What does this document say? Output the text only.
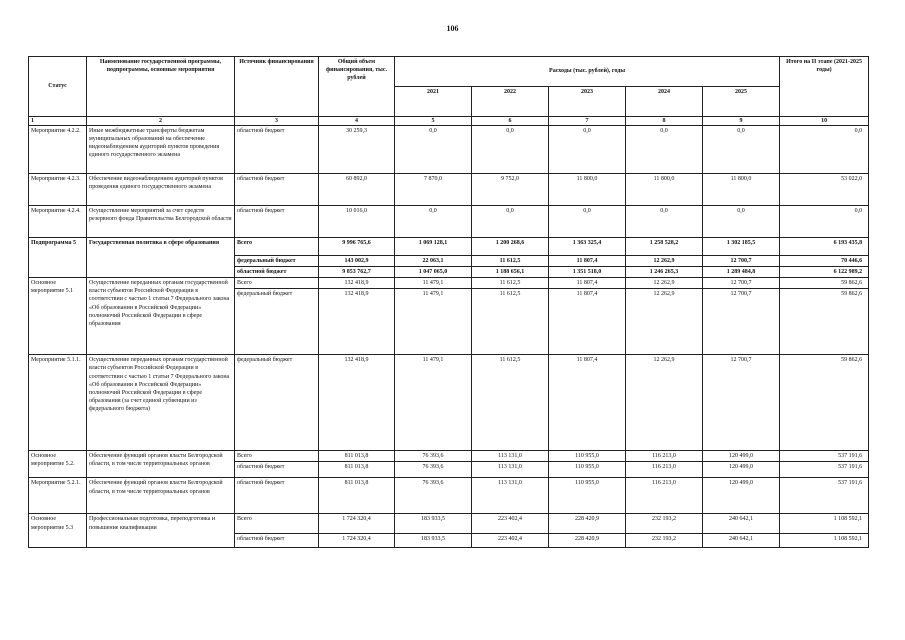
106
Статус	Наименование государственной программы, подпрограммы, основные мероприятия	Источник финансирования	Общий объем финансирования, тыс. рублей	Расходы (тыс. рублей), годы					Итого на II этапе (2021-2025 годы)
				2021	2022	2023	2024	2025	
1	2	3	4	5	6	7	8	9	10
Мероприятие 4.2.2.	Иные межбюджетные трансферты бюджетам муниципальных образований на обеспечение видеонаблюдением аудиторий пунктов проведения единого государственного экзамена	областной бюджет	30 259,3	0,0	0,0	0,0	0,0	0,0	0,0
Мероприятие 4.2.3.	Обеспечение видеонаблюдением аудиторий пунктов проведения единого государственного экзамена	областной бюджет	60 892,0	7 870,0	9 752,0	11 800,0	11 800,0	11 800,0	53 022,0
Мероприятие 4.2.4.	Осуществление мероприятий за счет средств резервного фонда Правительства Белгородской области	областной бюджет	10 016,0	0,0	0,0	0,0	0,0	0,0	0,0
Подпрограмма 5	Государственная политика в сфере образования	Всего	9 996 765,6	1 069 128,1	1 200 268,6	1 363 325,4	1 258 528,2	1 302 185,5	6 193 435,8
		федеральный бюджет	143 002,9	22 063,1	11 612,5	11 807,4	12 262,9	12 700,7	70 446,6
		областной бюджет	9 853 762,7	1 047 065,0	1 188 656,1	1 351 518,0	1 246 265,3	1 289 484,8	6 122 989,2
Основное мероприятие 5.1	Осуществление переданных органам государственной власти субъектов Российской Федерации в соответствии с частью 1 статьи 7 Федерального закона «Об образовании в Российской Федерации» полномочий Российской Федерации в сфере образования	Всего	132 418,9	11 479,1	11 612,5	11 807,4	12 262,9	12 700,7	59 862,6
		федеральный бюджет	132 418,9	11 479,1	11 612,5	11 807,4	12 262,9	12 700,7	59 862,6
Мероприятие 5.1.1.	Осуществление переданных органам государственной власти субъектов Российской Федерации в соответствии с частью 1 статьи 7 Федерального закона «Об образовании в Российской Федерации» полномочий Российской Федерации в сфере образования (за счет единой субвенции из федерального бюджета)	федеральный бюджет	132 418,9	11 479,1	11 612,5	11 807,4	12 262,9	12 700,7	59 862,6
Основное мероприятие 5.2.	Обеспечение функций органов власти Белгородской области, в том числе территориальных органов	Всего	811 013,8	76 393,6	113 131,0	110 955,0	116 213,0	120 499,0	537 191,6
		областной бюджет	811 013,8	76 393,6	113 131,0	110 955,0	116 213,0	120 499,0	537 191,6
Мероприятие 5.2.1.	Обеспечение функций органов власти Белгородской области, в том числе территориальных органов	областной бюджет	811 013,8	76 393,6	113 131,0	110 955,0	116 213,0	120 499,0	537 191,6
Основное мероприятие 5.3	Профессиональная подготовка, переподготовка и повышение квалификации	Всего	1 724 320,4	183 933,5	223 402,4	228 420,9	232 193,2	240 642,1	1 108 592,1
		областной бюджет	1 724 320,4	183 933,5	223 402,4	228 420,9	232 193,2	240 642,1	1 108 592,1
